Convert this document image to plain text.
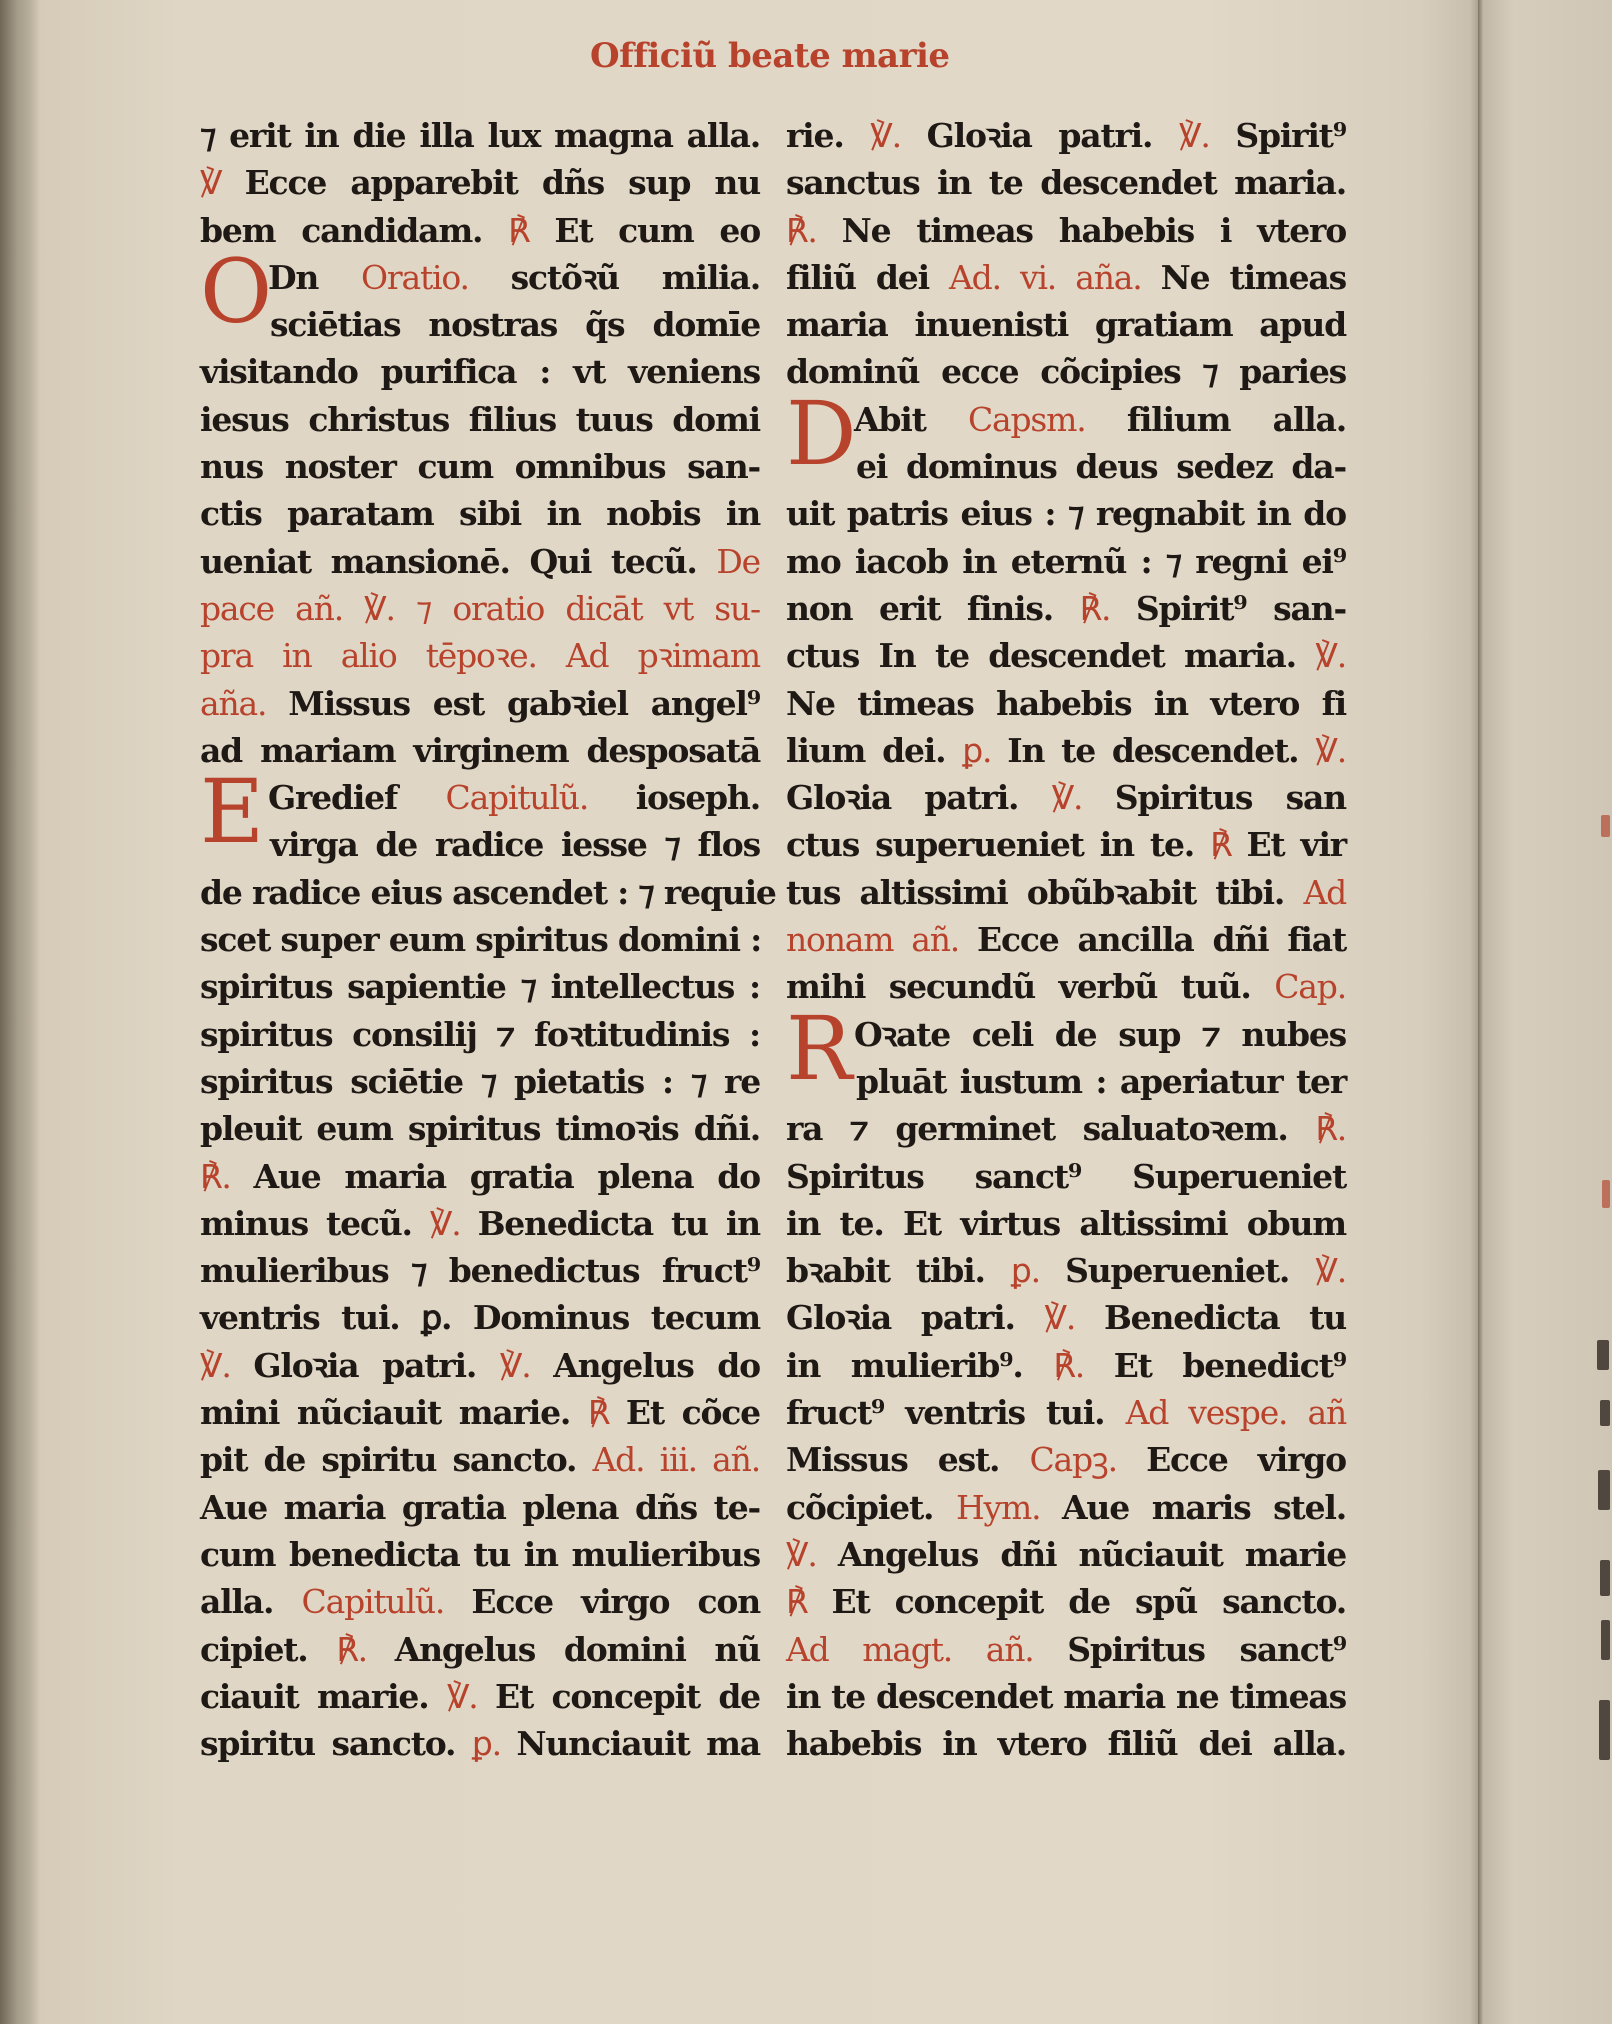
Officiũ beate marie
⁊ erit in die illa lux magna alla.
℣ Ecce apparebit dñs sup nu
bem candidam. ℟ Et cum eo
ODn Oratio. sctõꝛũ milia.
sciētias nostras q̃s domīe
visitando purifica : vt veniens
iesus christus filius tuus domi
nus noster cum omnibus san-
ctis paratam sibi in nobis in
ueniat mansionē. Qui tecũ. De
pace añ. ℣. ⁊ oratio dicāt vt su-
pra in alio tēpoꝛe. Ad pꝛimam
aña. Missus est gabꝛiel angel⁹
ad mariam virginem desposatā
E Gredief Capitulũ. ioseph.
virga de radice iesse ⁊ flos
de radice eius ascendet : ⁊ requie
scet super eum spiritus domini :
spiritus sapientie ⁊ intellectus :
spiritus consilij ⁊ foꝛtitudinis :
spiritus sciētie ⁊ pietatis : ⁊ re
pleuit eum spiritus timoꝛis dñi.
℟. Aue maria gratia plena do
minus tecũ. ℣. Benedicta tu in
mulieribus ⁊ benedictus fruct⁹
ventris tui. ꝑ. Dominus tecum
℣. Gloꝛia patri. ℣. Angelus do
mini nũciauit marie. ℟ Et cõce
pit de spiritu sancto. Ad. iii. añ.
Aue maria gratia plena dñs te-
cum benedicta tu in mulieribus
alla. Capitulũ. Ecce virgo con
cipiet. ℟. Angelus domini nũ
ciauit marie. ℣. Et concepit de
spiritu sancto. ꝑ. Nunciauit ma
rie. ℣. Gloꝛia patri. ℣. Spirit⁹
sanctus in te descendet maria.
℟. Ne timeas habebis i vtero
filiũ dei Ad. vi. aña. Ne timeas
maria inuenisti gratiam apud
dominũ ecce cõcipies ⁊ paries
DAbit Capsm. filium alla.
ei dominus deus sedez da-
uit patris eius : ⁊ regnabit in do
mo iacob in eternũ : ⁊ regni ei⁹
non erit finis. ℟. Spirit⁹ san-
ctus In te descendet maria. ℣.
Ne timeas habebis in vtero fi
lium dei. ꝑ. In te descendet. ℣.
Gloꝛia patri. ℣. Spiritus san
ctus superueniet in te. ℟ Et vir
tus altissimi obũbꝛabit tibi. Ad
nonam añ. Ecce ancilla dñi fiat
mihi secundũ verbũ tuũ. Cap.
ROꝛate celi de sup ⁊ nubes
pluāt iustum : aperiatur ter
ra ⁊ germinet saluatoꝛem. ℟.
Spiritus sanct⁹ Superueniet
in te. Et virtus altissimi obum
bꝛabit tibi. ꝑ. Superueniet. ℣.
Gloꝛia patri. ℣. Benedicta tu
in mulierib⁹. ℟. Et benedict⁹
fruct⁹ ventris tui. Ad vespe. añ
Missus est. Capꝫ. Ecce virgo
cõcipiet. Hym. Aue maris stel.
℣. Angelus dñi nũciauit marie
℟ Et concepit de spũ sancto.
Ad magt. añ. Spiritus sanct⁹
in te descendet maria ne timeas
habebis in vtero filiũ dei alla.
